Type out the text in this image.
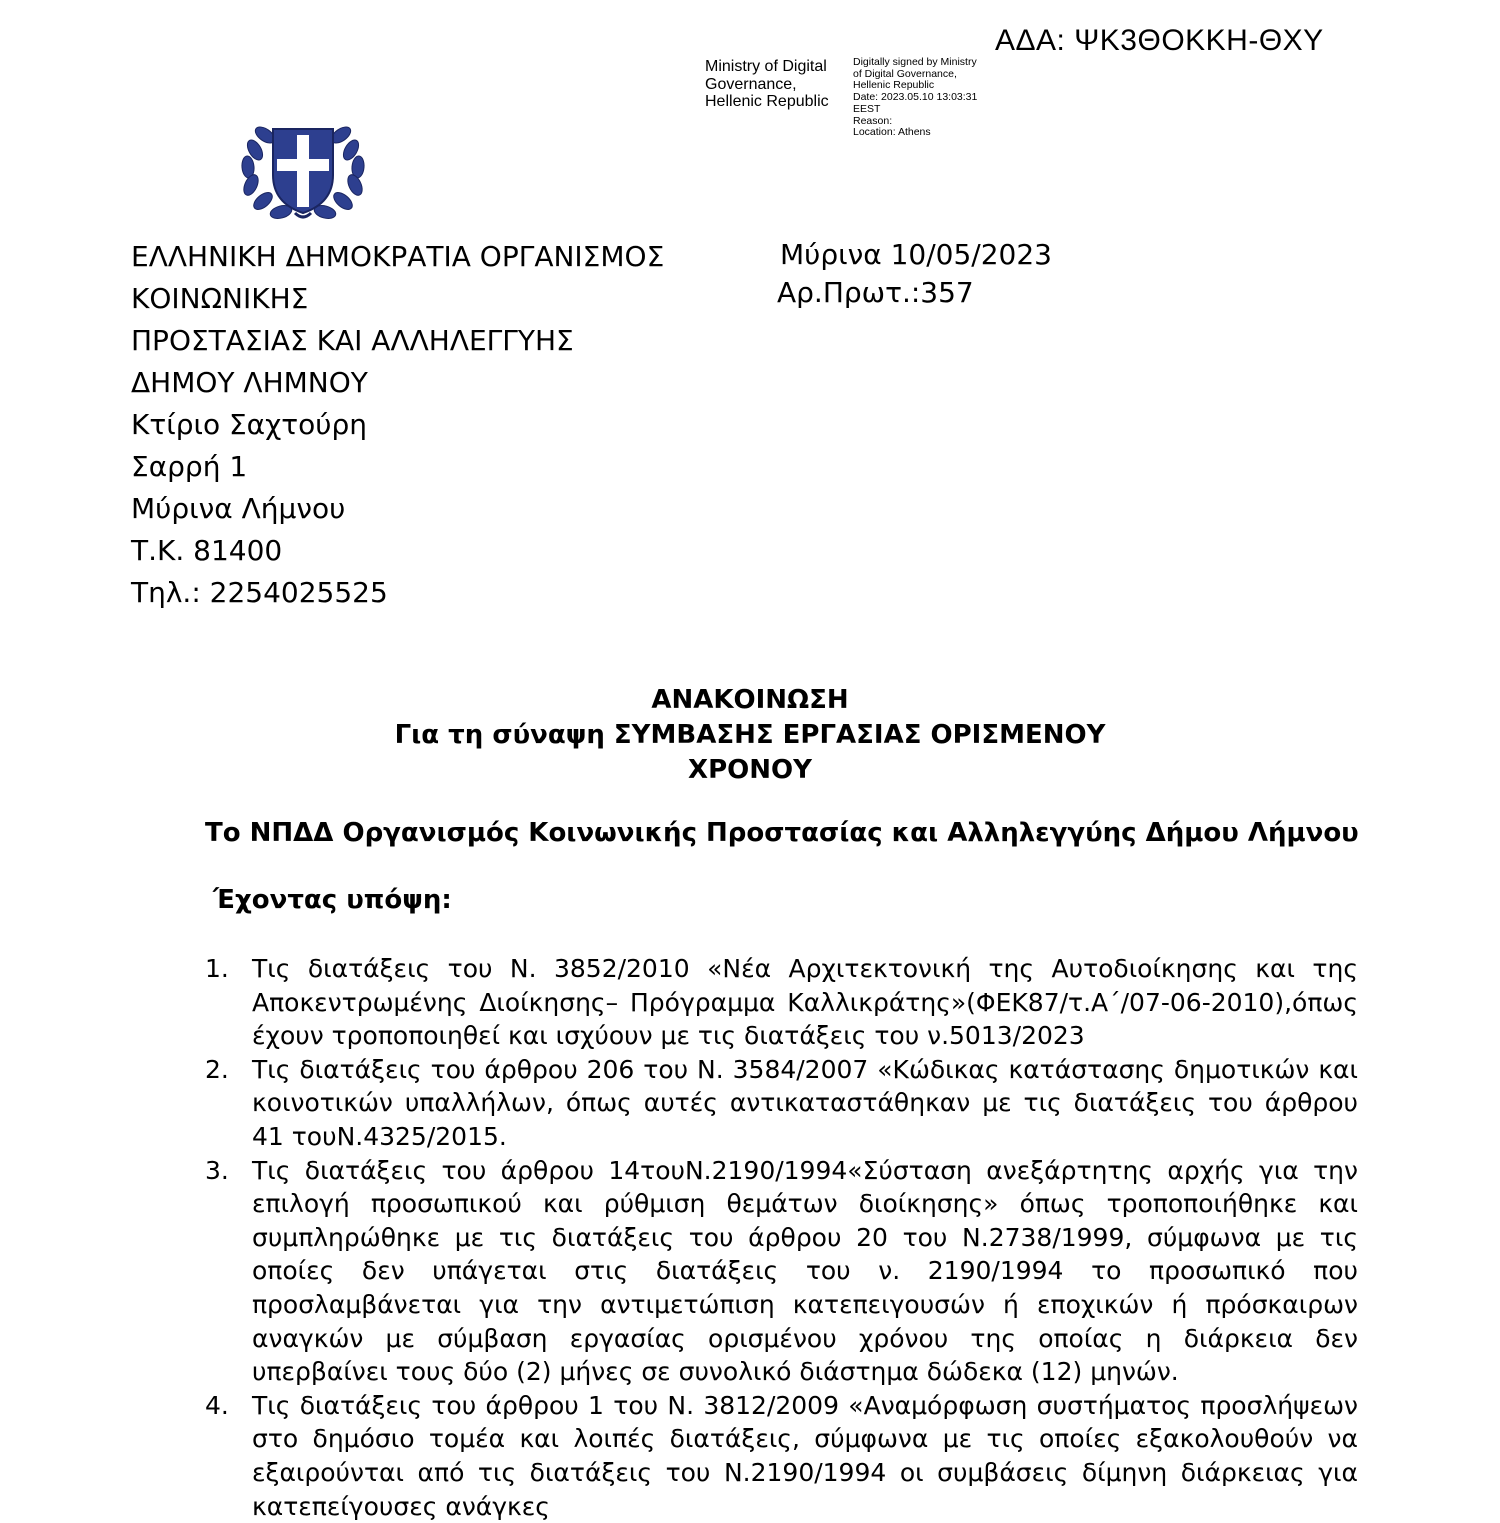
ΑΔΑ: ΨΚ3ΘΟΚΚΗ-ΘΧΥ
Ministry of Digital
Governance,
Hellenic Republic
Digitally signed by Ministry
of Digital Governance,
Hellenic Republic
Date: 2023.05.10 13:03:31
EEST
Reason:
Location: Athens
ΕΛΛΗΝΙΚΗ ΔΗΜΟΚΡΑΤΙΑ ΟΡΓΑΝΙΣΜΟΣ
ΚΟΙΝΩΝΙΚΗΣ
ΠΡΟΣΤΑΣΙΑΣ ΚΑΙ ΑΛΛΗΛΕΓΓΥΗΣ
ΔΗΜΟΥ ΛΗΜΝΟΥ
Κτίριο Σαχτούρη
Σαρρή 1
Μύρινα Λήμνου
Τ.Κ. 81400
Τηλ.: 2254025525
Μύρινα 10/05/2023
Αρ.Πρωτ.:357
ΑΝΑΚΟΙΝΩΣΗ
Για τη σύναψη ΣΥΜΒΑΣΗΣ ΕΡΓΑΣΙΑΣ ΟΡΙΣΜΕΝΟΥ
ΧΡΟΝΟΥ
Το ΝΠΔΔ Οργανισμός Κοινωνικής Προστασίας και Αλληλεγγύης Δήμου Λήμνου
Έχοντας υπόψη:
1. Τις διατάξεις του Ν. 3852/2010 «Νέα Αρχιτεκτονική της Αυτοδιοίκησης και της Αποκεντρωμένης Διοίκησης– Πρόγραμμα Καλλικράτης»(ΦΕΚ87/τ.Α΄/07-06-2010),όπως έχουν τροποποιηθεί και ισχύουν με τις διατάξεις του ν.5013/2023
2. Τις διατάξεις του άρθρου 206 του Ν. 3584/2007 «Κώδικας κατάστασης δημοτικών και κοινοτικών υπαλλήλων, όπως αυτές αντικαταστάθηκαν με τις διατάξεις του άρθρου 41 τουΝ.4325/2015.
3. Τις διατάξεις του άρθρου 14τουΝ.2190/1994«Σύσταση ανεξάρτητης αρχής για την επιλογή προσωπικού και ρύθμιση θεμάτων διοίκησης» όπως τροποποιήθηκε και συμπληρώθηκε με τις διατάξεις του άρθρου 20 του Ν.2738/1999, σύμφωνα με τις οποίες δεν υπάγεται στις διατάξεις του ν. 2190/1994 το προσωπικό που προσλαμβάνεται για την αντιμετώπιση κατεπειγουσών ή εποχικών ή πρόσκαιρων αναγκών με σύμβαση εργασίας ορισμένου χρόνου της οποίας η διάρκεια δεν υπερβαίνει τους δύο (2) μήνες σε συνολικό διάστημα δώδεκα (12) μηνών.
4. Τις διατάξεις του άρθρου 1 του Ν. 3812/2009 «Αναμόρφωση συστήματος προσλήψεων στο δημόσιο τομέα και λοιπές διατάξεις, σύμφωνα με τις οποίες εξακολουθούν να εξαιρούνται από τις διατάξεις του Ν.2190/1994 οι συμβάσεις δίμηνη διάρκειας για κατεπείγουσες ανάγκες
